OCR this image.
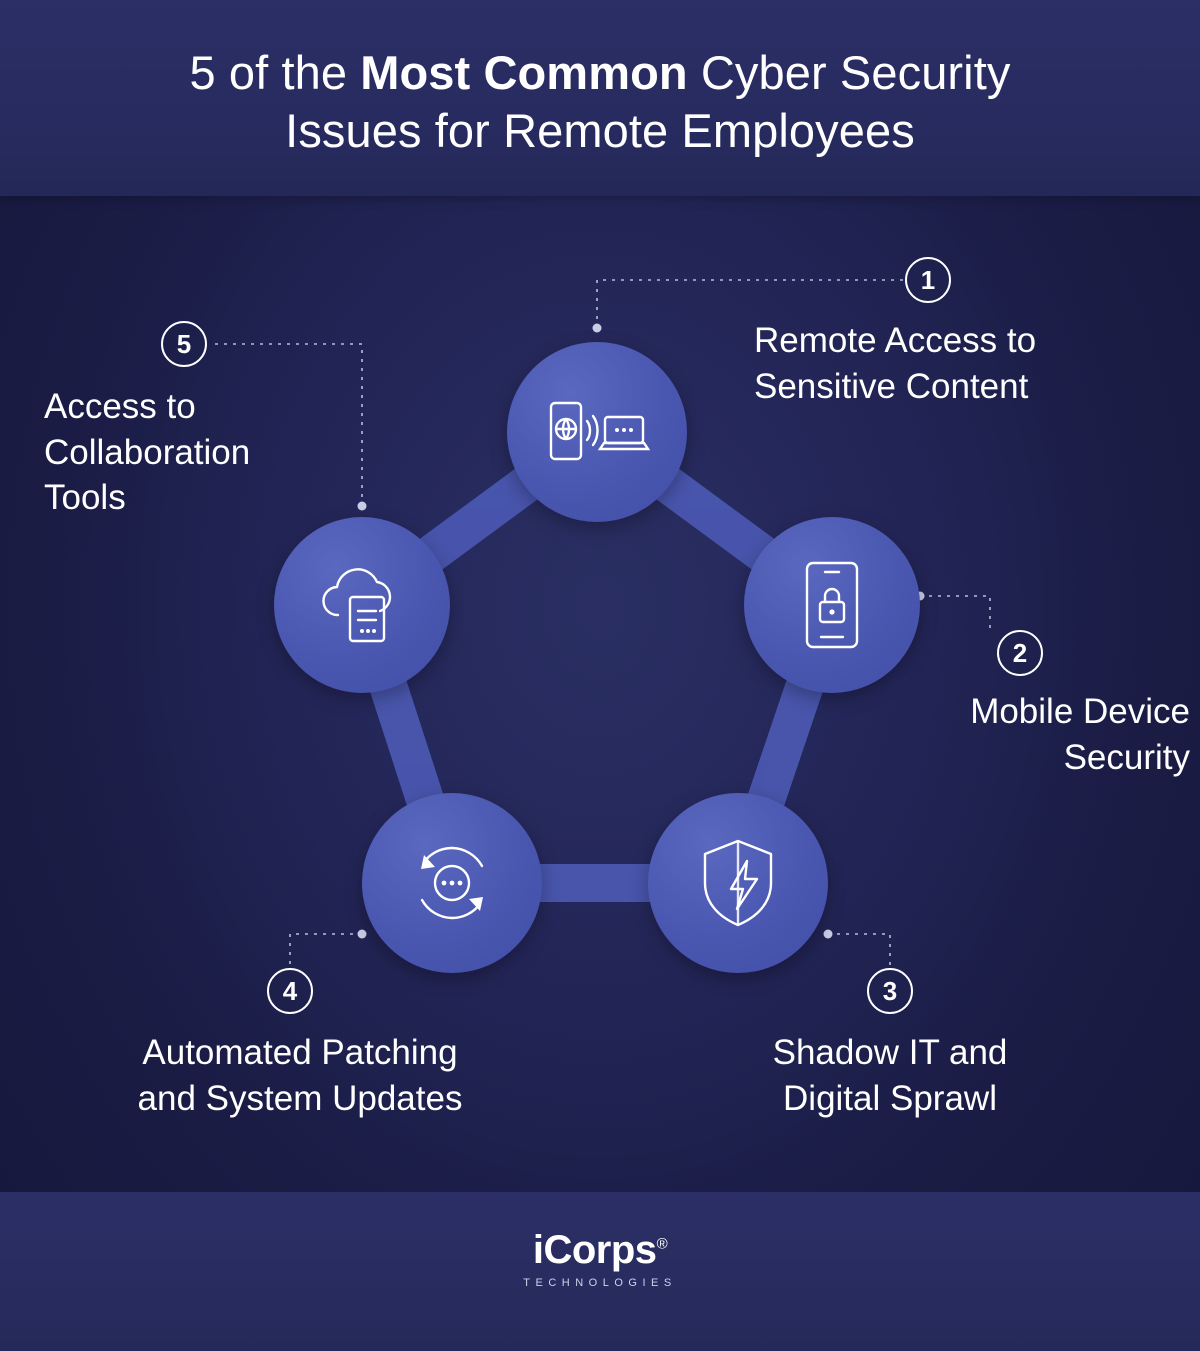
5 of the Most Common Cyber Security
Issues for Remote Employees
1
Remote Access to
Sensitive Content
2
Mobile Device
Security
3
Shadow IT and
Digital Sprawl
4
Automated Patching
and System Updates
5
Access to
Collaboration
Tools
iCorps®
TECHNOLOGIES
